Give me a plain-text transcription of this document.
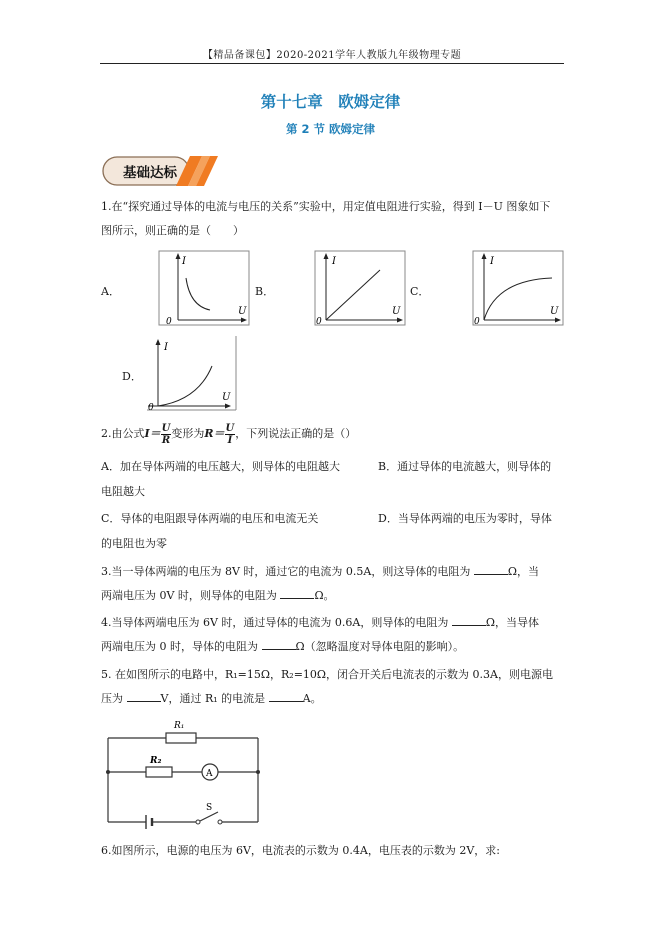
【精品备课包】2020-2021学年人教版九年级物理专题
第十七章　欧姆定律
第 2 节 欧姆定律
基础达标
1.在“探究通过导体的电流与电压的关系”实验中，用定值电阻进行实验，得到 I－U 图象如下
图所示，则正确的是（　　）
A．	B．	C．
D．
I
U
0
I
U
0
I
U
0
I
U
0
2.由公式$I= \frac{U}{R}$ 变形为$R= \frac{U}{I}$ ，下列说法正确的是（）
A．加在导体两端的电压越大，则导体的电阻越大	B．通过导体的电流越大，则导体的
电阻越大
C．导体的电阻跟导体两端的电压和电流无关	D．当导体两端的电压为零时，导体
的电阻也为零
3.当一导体两端的电压为 8V 时，通过它的电流为 0.5A，则这导体的电阻为	Ω，当
两端电压为 0V 时，则导体的电阻为	Ω。
4.当导体两端电压为 6V 时，通过导体的电流为 0.6A，则导体的电阻为	Ω，当导体
两端电压为 0 时，导体的电阻为	Ω（忽略温度对导体电阻的影响）。
5. 在如图所示的电路中，R₁=15Ω，R₂=10Ω，闭合开关后电流表的示数为 0.3A，则电源电
压为	V，通过 R₁ 的电流是	A。
R₁
R₂
A
S
6.如图所示，电源的电压为 6V，电流表的示数为 0.4A，电压表的示数为 2V，求:
